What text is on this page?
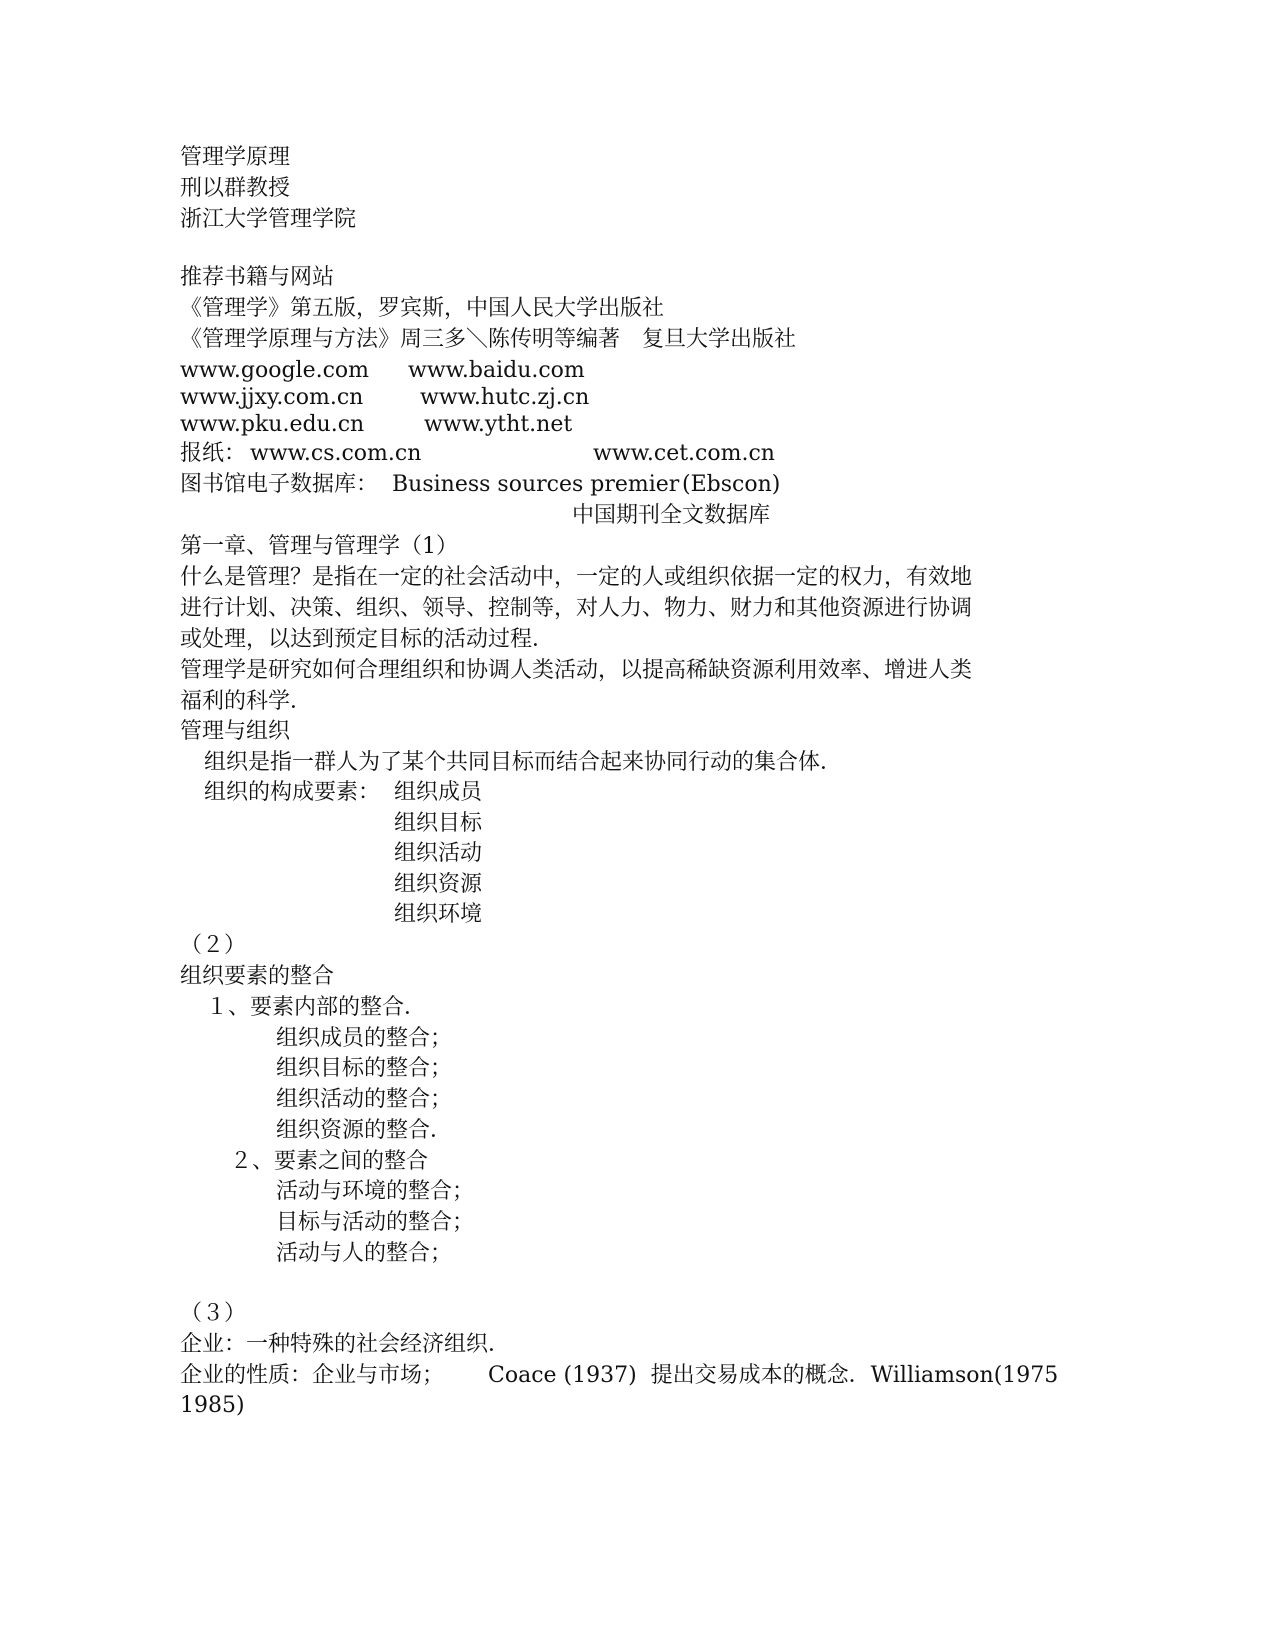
管理学原理

刑以群教授

浙江大学管理学院

推荐书籍与网站

《管理学》第五版，罗宾斯，中国人民大学出版社

《管理学原理与方法》周三多＼陈传明等编著　复旦大学出版社

www.google.com www.baidu.com
www.jjxy.com.cn	www.hutc.zj.cn
www.pku.edu.cn	www.ytht.net
报纸： www.cs.com.cn	www.cet.com.cn
图书馆电子数据库： Business sources premier (Ebscon)
中国期刊全文数据库

第一章、管理与管理学（1）

什么是管理？是指在一定的社会活动中，一定的人或组织依据一定的权力，有效地

进行计划、决策、组织、领导、控制等，对人力、物力、财力和其他资源进行协调

或处理，以达到预定目标的活动过程．

管理学是研究如何合理组织和协调人类活动，以提高稀缺资源利用效率、增进人类

福利的科学．

管理与组织

组织是指一群人为了某个共同目标而结合起来协同行动的集合体．

组织的构成要素： 组织成员
组织目标
组织活动
组织资源
组织环境

（２）

组织要素的整合

１、要素内部的整合．

组织成员的整合；

组织目标的整合；

组织活动的整合；

组织资源的整合．

２、要素之间的整合

活动与环境的整合；

目标与活动的整合；

活动与人的整合；

（３）

企业：一种特殊的社会经济组织．

企业的性质：企业与市场； Coace (1937)  提出交易成本的概念．Williamson(1975

1985)
